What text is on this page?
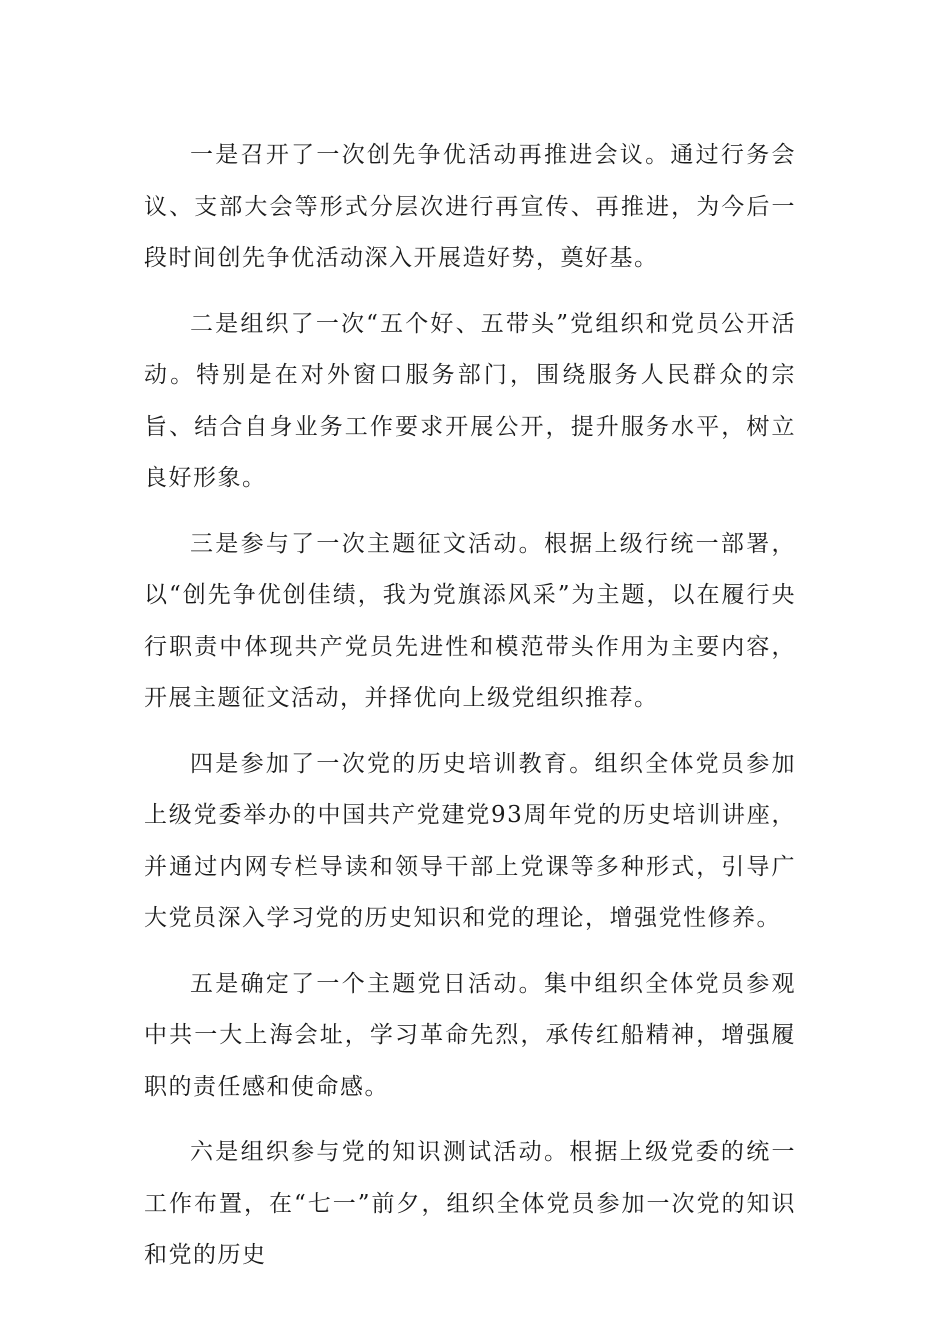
一是召开了一次创先争优活动再推进会议。通过行务会议、支部大会等形式分层次进行再宣传、再推进，为今后一段时间创先争优活动深入开展造好势，奠好基。

二是组织了一次“五个好、五带头”党组织和党员公开活动。特别是在对外窗口服务部门，围绕服务人民群众的宗旨、结合自身业务工作要求开展公开，提升服务水平，树立良好形象。

三是参与了一次主题征文活动。根据上级行统一部署，以“创先争优创佳绩，我为党旗添风采”为主题，以在履行央行职责中体现共产党员先进性和模范带头作用为主要内容，开展主题征文活动，并择优向上级党组织推荐。

四是参加了一次党的历史培训教育。组织全体党员参加上级党委举办的中国共产党建党93周年党的历史培训讲座，并通过内网专栏导读和领导干部上党课等多种形式，引导广大党员深入学习党的历史知识和党的理论，增强党性修养。

五是确定了一个主题党日活动。集中组织全体党员参观中共一大上海会址，学习革命先烈，承传红船精神，增强履职的责任感和使命感。

六是组织参与党的知识测试活动。根据上级党委的统一工作布置，在“七一”前夕，组织全体党员参加一次党的知识和党的历史
